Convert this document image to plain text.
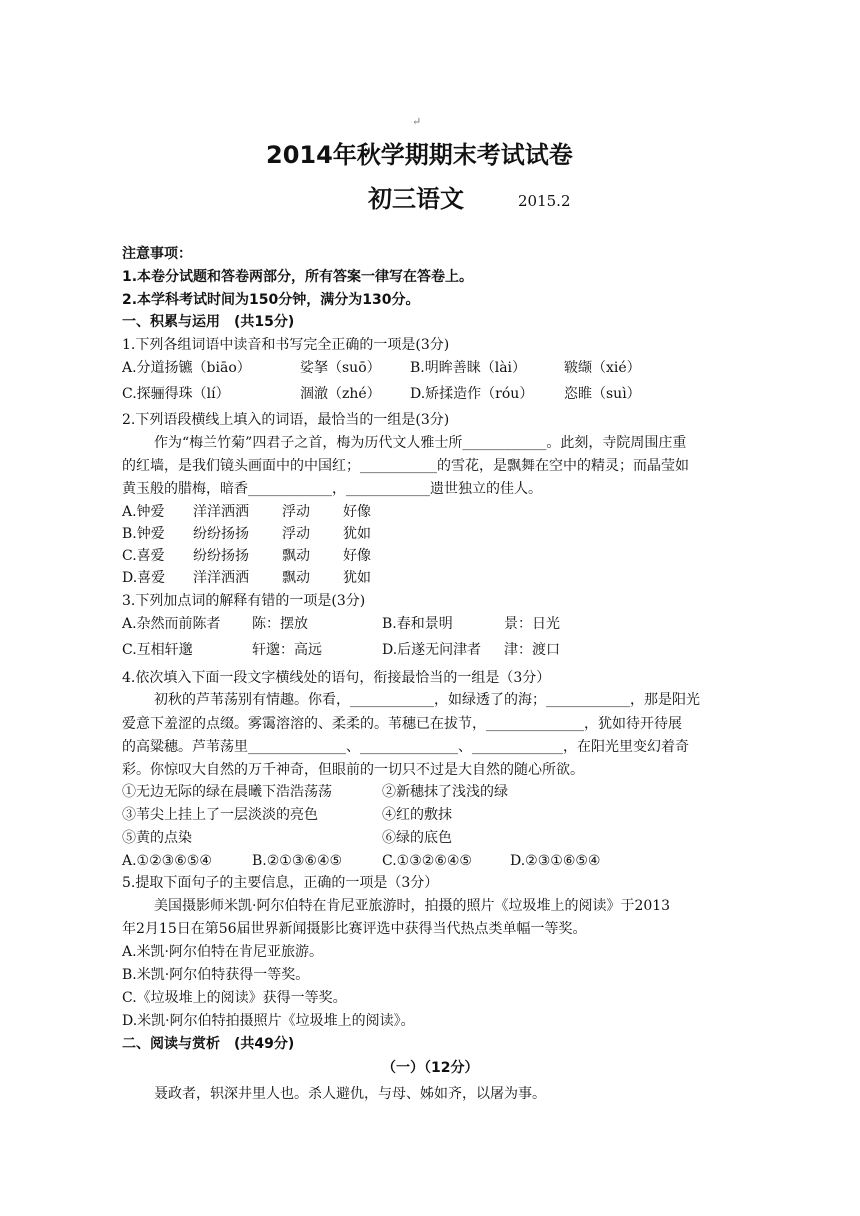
↵
2014年秋学期期末考试试卷
初三语文	2015.2
注意事项：
1.本卷分试题和答卷两部分，所有答案一律写在答卷上。
2.本学科考试时间为150分钟，满分为130分。
一、积累与运用　(共15分)
1.下列各组词语中读音和书写完全正确的一项是(3分)
A.分道扬镳（biāo）	娑拏（suō） B.明眸善睐（lài）	皲缬（xié）
C.探骊得珠（lí）	涸澈（zhé） D.矫揉造作（róu） 恣睢（suì）
2.下列语段横线上填入的词语，最恰当的一组是(3分)
作为“梅兰竹菊”四君子之首，梅为历代文人雅士所____________。此刻，寺院周围庄重
的红墙，是我们镜头画面中的中国红；___________的雪花，是飘舞在空中的精灵；而晶莹如
黄玉般的腊梅，暗香____________，____________遗世独立的佳人。
A.钟爱 洋洋洒洒 浮动 好像
B.钟爱 纷纷扬扬 浮动 犹如
C.喜爱 纷纷扬扬 飘动 好像
D.喜爱 洋洋洒洒 飘动 犹如
3.下列加点词的解释有错的一项是(3分)
A.杂然而前陈者 陈：摆放	B.春和景明	景：日光
C.互相轩邈	轩邈：高远	D.后遂无问津者 津：渡口
4.依次填入下面一段文字横线处的语句，衔接最恰当的一组是（3分）
初秋的芦苇荡别有情趣。你看，____________，如绿透了的海；____________，那是阳光
爱意下羞涩的点缀。雾霭溶溶的、柔柔的。苇穗已在拔节，______________，犹如待开待展
的高粱穗。芦苇荡里______________、______________、_____________，在阳光里变幻着奇
彩。你惊叹大自然的万千神奇，但眼前的一切只不过是大自然的随心所欲。
①无边无际的绿在晨曦下浩浩荡荡	②新穗抹了浅浅的绿
③苇尖上挂上了一层淡淡的亮色	④红的敷抹
⑤黄的点染	⑥绿的底色
A.①②③⑥⑤④	B.②①③⑥④⑤	C.①③②⑥④⑤	D.②③①⑥⑤④
5.提取下面句子的主要信息，正确的一项是（3分）
美国摄影师米凯·阿尔伯特在肯尼亚旅游时，拍摄的照片《垃圾堆上的阅读》于2013
年2月15日在第56届世界新闻摄影比赛评选中获得当代热点类单幅一等奖。
A.米凯·阿尔伯特在肯尼亚旅游。
B.米凯·阿尔伯特获得一等奖。
C.《垃圾堆上的阅读》获得一等奖。
D.米凯·阿尔伯特拍摄照片《垃圾堆上的阅读》。
二、阅读与赏析　(共49分)
（一）（12分）
聂政者，轵深井里人也。杀人避仇，与母、姊如齐，以屠为事。
